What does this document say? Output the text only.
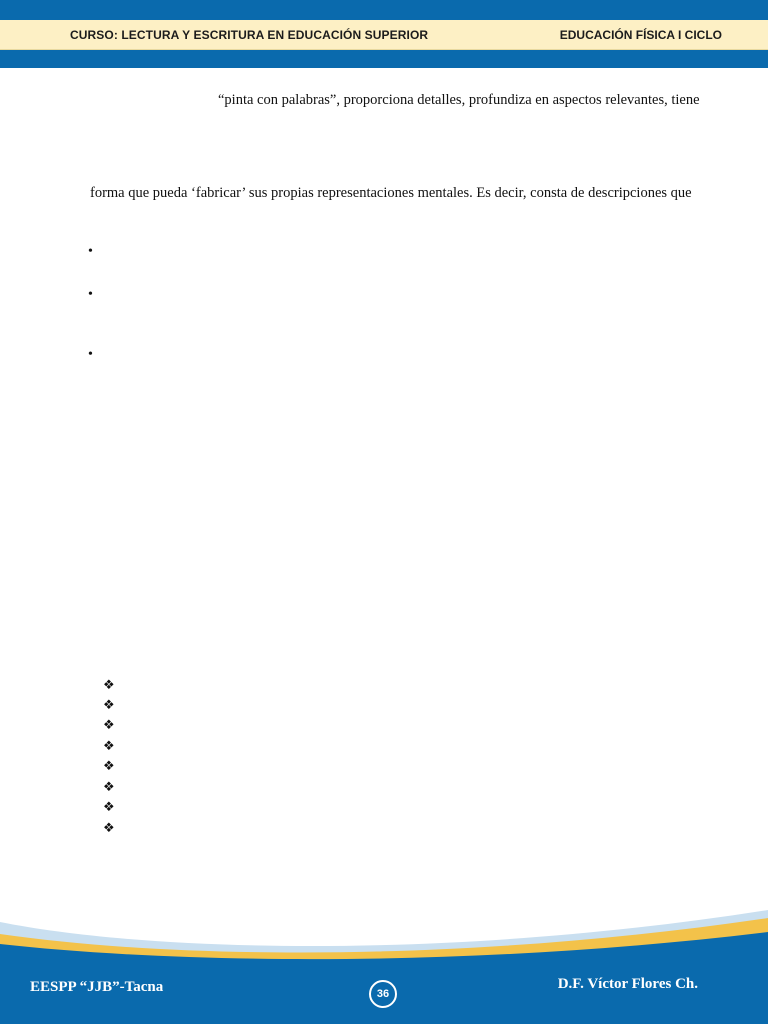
CURSO: LECTURA Y ESCRITURA EN EDUCACIÓN SUPERIOR	EDUCACIÓN FÍSICA I CICLO
“pinta con palabras”, proporciona detalles, profundiza en aspectos relevantes, tiene
forma que pueda ‘fabricar’ sus propias representaciones mentales. Es decir, consta de descripciones que
•
•
•
❖
❖
❖
❖
❖
❖
❖
❖
EESPP “JJB”-Tacna	36
D.F. Víctor Flores Ch.
